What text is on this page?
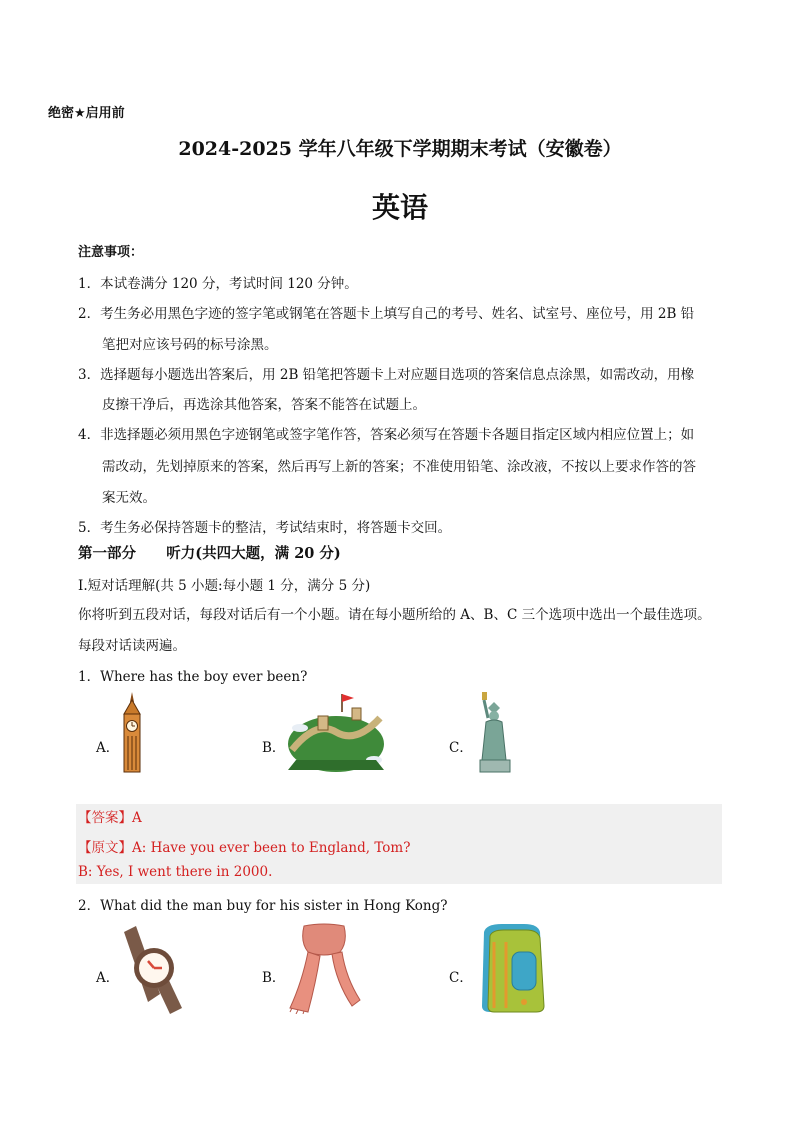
绝密★启用前
2024-2025 学年八年级下学期期末考试（安徽卷）
英语
注意事项：
1．本试卷满分 120 分，考试时间 120 分钟。
2．考生务必用黑色字迹的签字笔或钢笔在答题卡上填写自己的考号、姓名、试室号、座位号，用 2B 铅
笔把对应该号码的标号涂黑。
3．选择题每小题选出答案后，用 2B 铅笔把答题卡上对应题目选项的答案信息点涂黑，如需改动，用橡
皮擦干净后，再选涂其他答案，答案不能答在试题上。
4．非选择题必须用黑色字迹钢笔或签字笔作答，答案必须写在答题卡各题目指定区域内相应位置上；如
需改动，先划掉原来的答案，然后再写上新的答案；不准使用铅笔、涂改液，不按以上要求作答的答
案无效。
5．考生务必保持答题卡的整洁，考试结束时，将答题卡交回。
第一部分      听力(共四大题，满 20 分)
I.短对话理解(共 5 小题:每小题 1 分，满分 5 分)
你将听到五段对话，每段对话后有一个小题。请在每小题所给的 A、B、C 三个选项中选出一个最佳选项。
每段对话读两遍。
1．Where has the boy ever been?
A．	B．	C．
【答案】A
【原文】A: Have you ever been to England, Tom?
B: Yes, I went there in 2000.
2．What did the man buy for his sister in Hong Kong?
A．	B．	C．
